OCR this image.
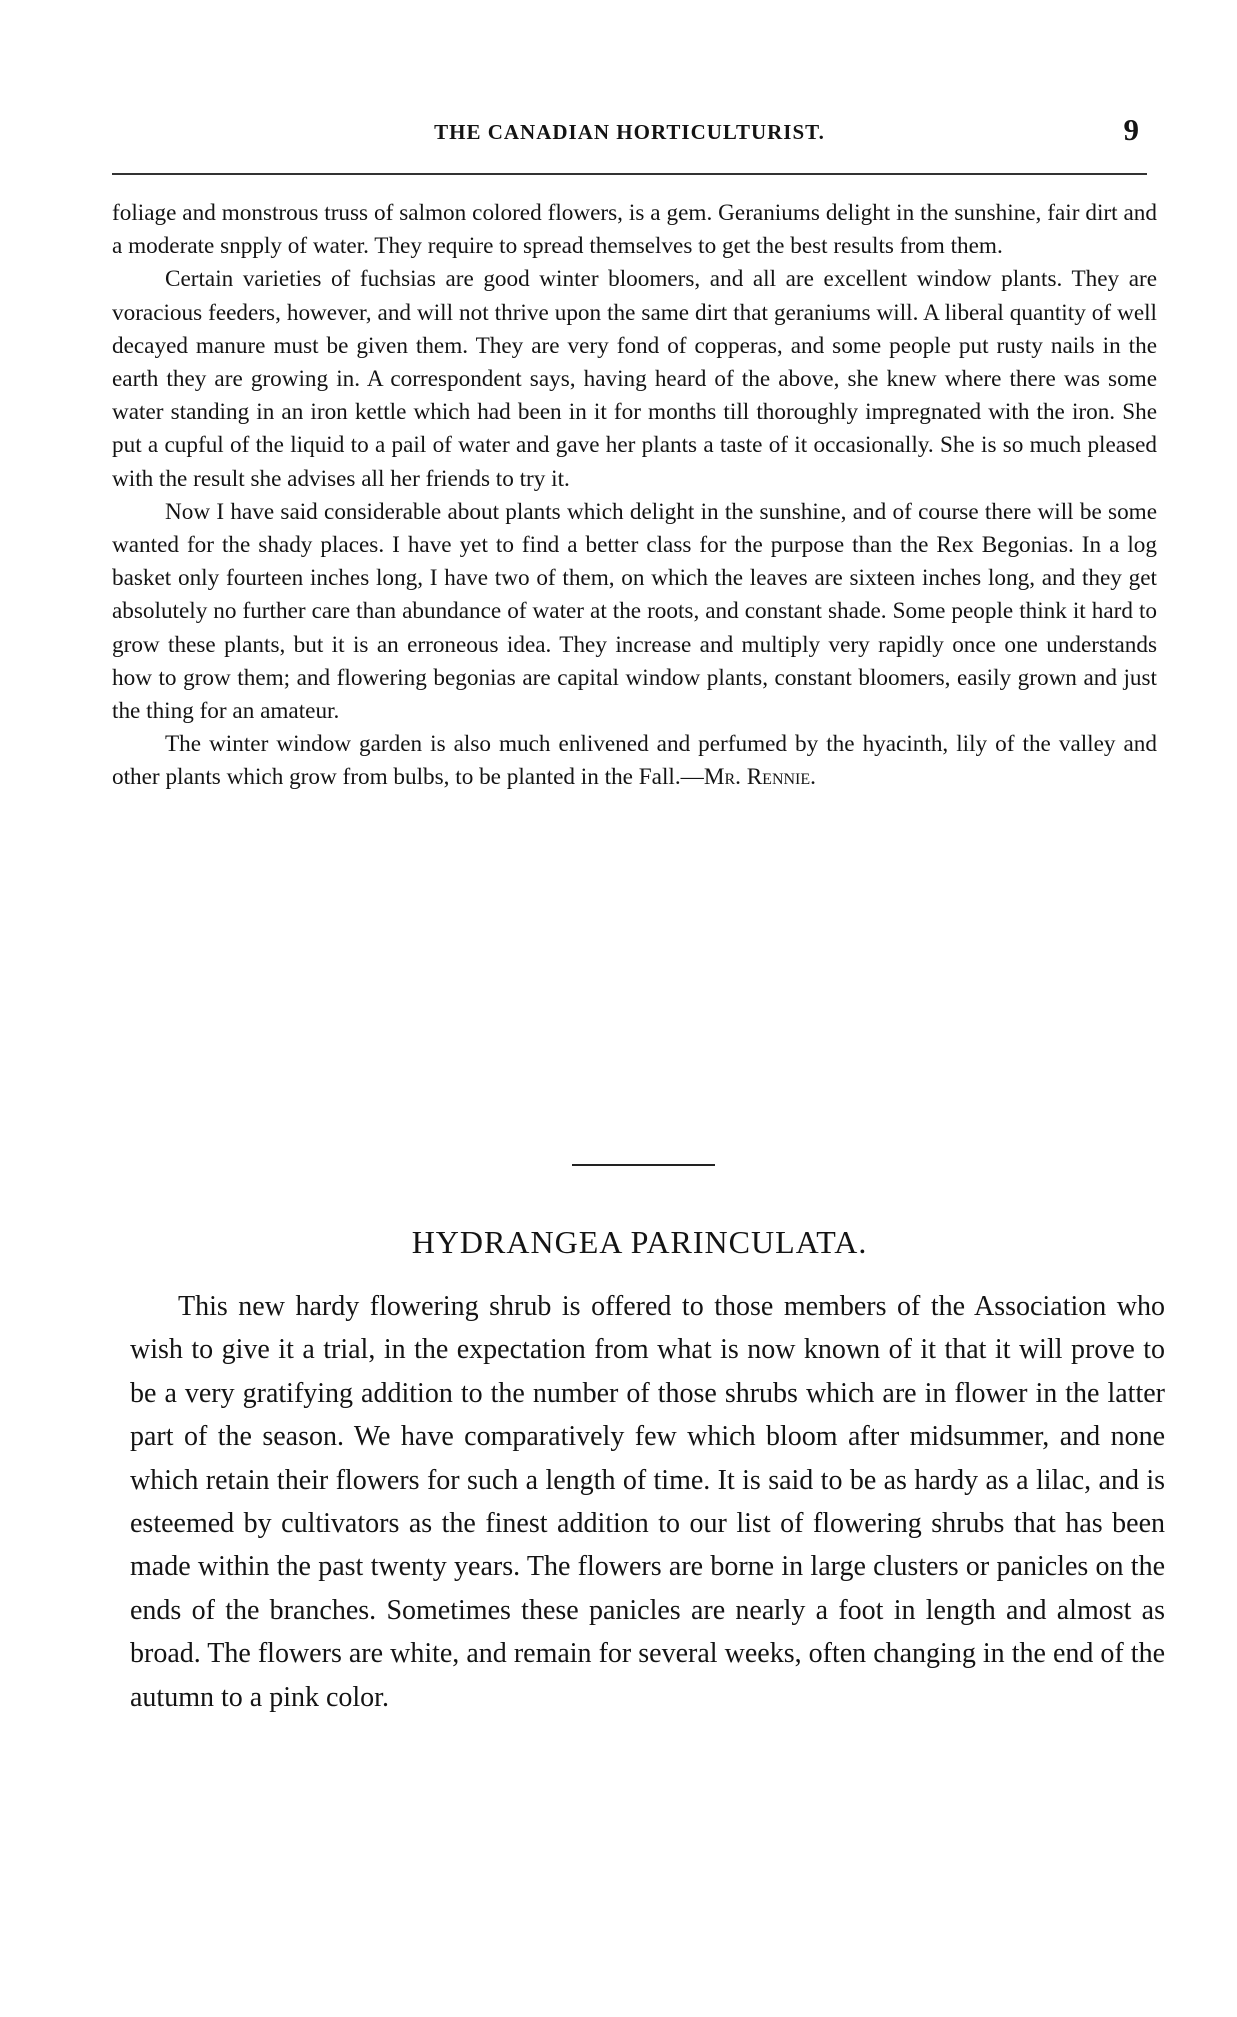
THE CANADIAN HORTICULTURIST.	9

foliage and monstrous truss of salmon colored flowers, is a gem. Geraniums delight in the sunshine, fair dirt and a moderate snpply of water. They require to spread themselves to get the best results from them.

Certain varieties of fuchsias are good winter bloomers, and all are excellent window plants. They are voracious feeders, however, and will not thrive upon the same dirt that geraniums will. A liberal quantity of well decayed manure must be given them. They are very fond of copperas, and some people put rusty nails in the earth they are growing in. A correspondent says, having heard of the above, she knew where there was some water standing in an iron kettle which had been in it for months till thoroughly impregnated with the iron. She put a cupful of the liquid to a pail of water and gave her plants a taste of it occasionally. She is so much pleased with the result she advises all her friends to try it.

Now I have said considerable about plants which delight in the sunshine, and of course there will be some wanted for the shady places. I have yet to find a better class for the purpose than the Rex Begonias. In a log basket only fourteen inches long, I have two of them, on which the leaves are sixteen inches long, and they get absolutely no further care than abundance of water at the roots, and constant shade. Some people think it hard to grow these plants, but it is an erroneous idea. They increase and multiply very rapidly once one understands how to grow them; and flowering begonias are capital window plants, constant bloomers, easily grown and just the thing for an amateur.

The winter window garden is also much enlivened and perfumed by the hyacinth, lily of the valley and other plants which grow from bulbs, to be planted in the Fall.—Mr. Rennie.

HYDRANGEA PARINCULATA.

This new hardy flowering shrub is offered to those members of the Association who wish to give it a trial, in the expectation from what is now known of it that it will prove to be a very gratifying addition to the number of those shrubs which are in flower in the latter part of the season. We have comparatively few which bloom after midsummer, and none which retain their flowers for such a length of time. It is said to be as hardy as a lilac, and is esteemed by cultivators as the finest addition to our list of flowering shrubs that has been made within the past twenty years. The flowers are borne in large clusters or panicles on the ends of the branches. Sometimes these panicles are nearly a foot in length and almost as broad. The flowers are white, and remain for several weeks, often changing in the end of the autumn to a pink color.
